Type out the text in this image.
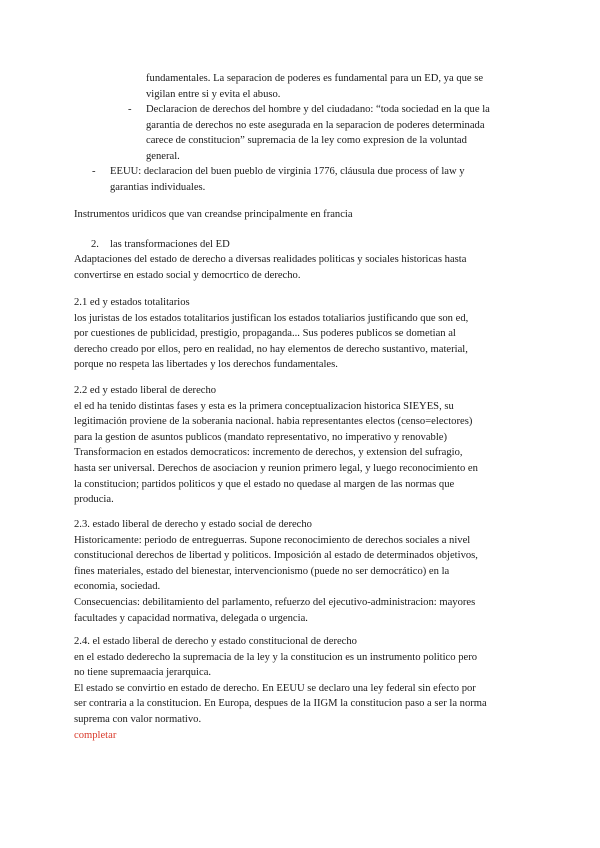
fundamentales. La separacion de poderes es fundamental para un ED, ya que se
vigilan entre si y evita el abuso.
- Declaracion de derechos del hombre y del ciudadano: “toda sociedad en la que la
garantia de derechos no este asegurada en la separacion de poderes determinada
carece de constitucion” supremacia de la ley como expresion de la voluntad
general.
- EEUU: declaracion del buen pueblo de virginia 1776, cláusula due process of law y
garantias individuales.
Instrumentos uridicos que van creandse principalmente en francia
2. las transformaciones del ED
Adaptaciones del estado de derecho a diversas realidades politicas y sociales historicas hasta
convertirse en estado social y democrtico de derecho.
2.1 ed y estados totalitarios
los juristas de los estados totalitarios justifican los estados totaliarios justificando que son ed,
por cuestiones de publicidad, prestigio, propaganda... Sus poderes publicos se dometian al
derecho creado por ellos, pero en realidad, no hay elementos de derecho sustantivo, material,
porque no respeta las libertades y los derechos fundamentales.
2.2 ed y estado liberal de derecho
el ed ha tenido distintas fases y esta es la primera conceptualizacion historica SIEYES, su
legitimación proviene de la soberania nacional. habia representantes electos (censo=electores)
para la gestion de asuntos publicos (mandato representativo, no imperativo y renovable)
Transformacion en estados democraticos: incremento de derechos, y extension del sufragio,
hasta ser universal. Derechos de asociacion y reunion primero legal, y luego reconocimiento en
la constitucion; partidos politicos y que el estado no quedase al margen de las normas que
producia.
2.3. estado liberal de derecho y estado social de derecho
Historicamente: periodo de entreguerras. Supone reconocimiento de derechos sociales a nivel
constitucional derechos de libertad y politicos. Imposición al estado de determinados objetivos,
fines materiales, estado del bienestar, intervencionismo (puede no ser democrático) en la
economia, sociedad.
Consecuencias: debilitamiento del parlamento, refuerzo del ejecutivo-administracion: mayores
facultades y capacidad normativa, delegada o urgencia.
2.4. el estado liberal de derecho y estado constitucional de derecho
en el estado dederecho la supremacia de la ley y la constitucion es un instrumento politico pero
no tiene supremaacia jerarquica.
El estado se convirtio en estado de derecho. En EEUU se declaro una ley federal sin efecto por
ser contraria a la constitucion. En Europa, despues de la IIGM la constitucion paso a ser la norma
suprema con valor normativo.
completar
